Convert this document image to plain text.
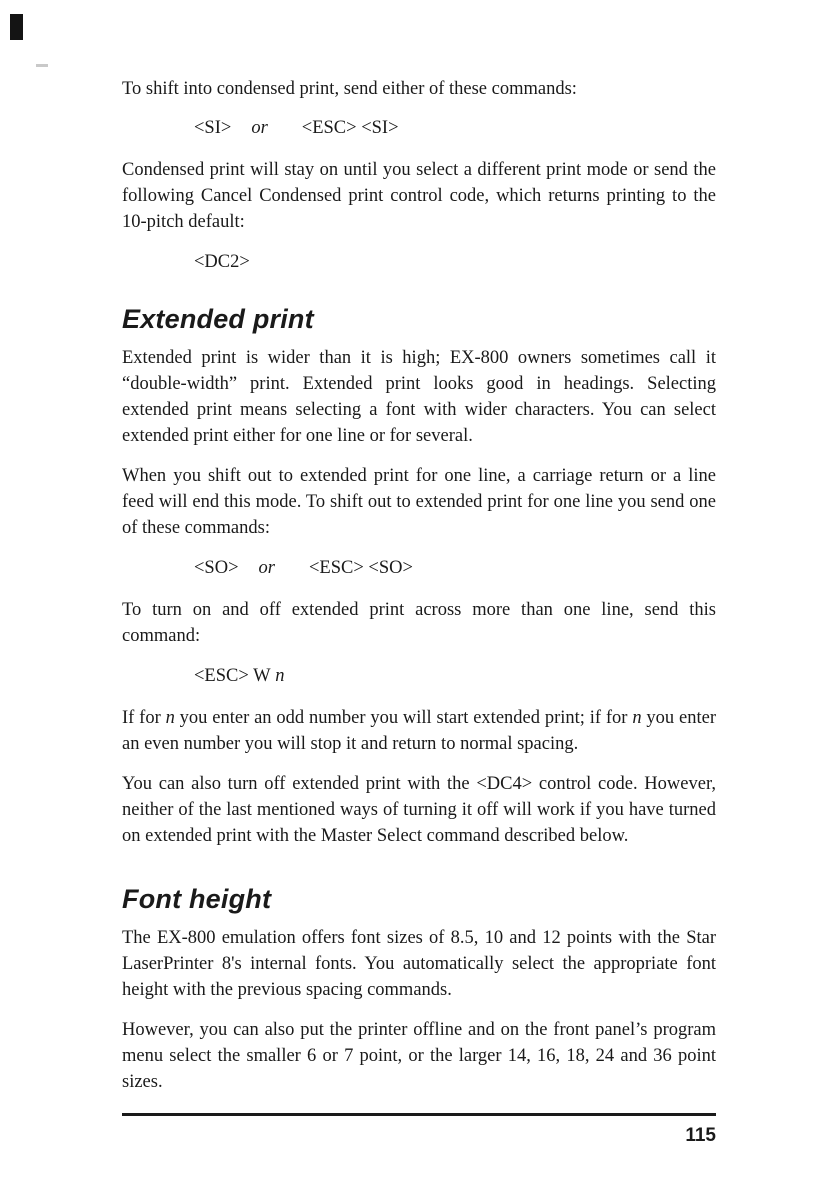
To shift into condensed print, send either of these commands:

<SI> or <ESC> <SI>

Condensed print will stay on until you select a different print mode or send the following Cancel Condensed print control code, which returns printing to the 10-pitch default:

<DC2>
Extended print

Extended print is wider than it is high; EX-800 owners sometimes call it “double-width” print. Extended print looks good in headings. Selecting extended print means selecting a font with wider characters. You can select extended print either for one line or for several.

When you shift out to extended print for one line, a carriage return or a line feed will end this mode. To shift out to extended print for one line you send one of these commands:

<SO> or <ESC> <SO>

To turn on and off extended print across more than one line, send this command:

<ESC> W n

If for n you enter an odd number you will start extended print; if for n you enter an even number you will stop it and return to normal spacing.

You can also turn off extended print with the <DC4> control code. However, neither of the last mentioned ways of turning it off will work if you have turned on extended print with the Master Select command described below.

Font height

The EX-800 emulation offers font sizes of 8.5, 10 and 12 points with the Star LaserPrinter 8's internal fonts. You automatically select the appropriate font height with the previous spacing commands.

However, you can also put the printer offline and on the front panel’s program menu select the smaller 6 or 7 point, or the larger 14, 16, 18, 24 and 36 point sizes.

115
